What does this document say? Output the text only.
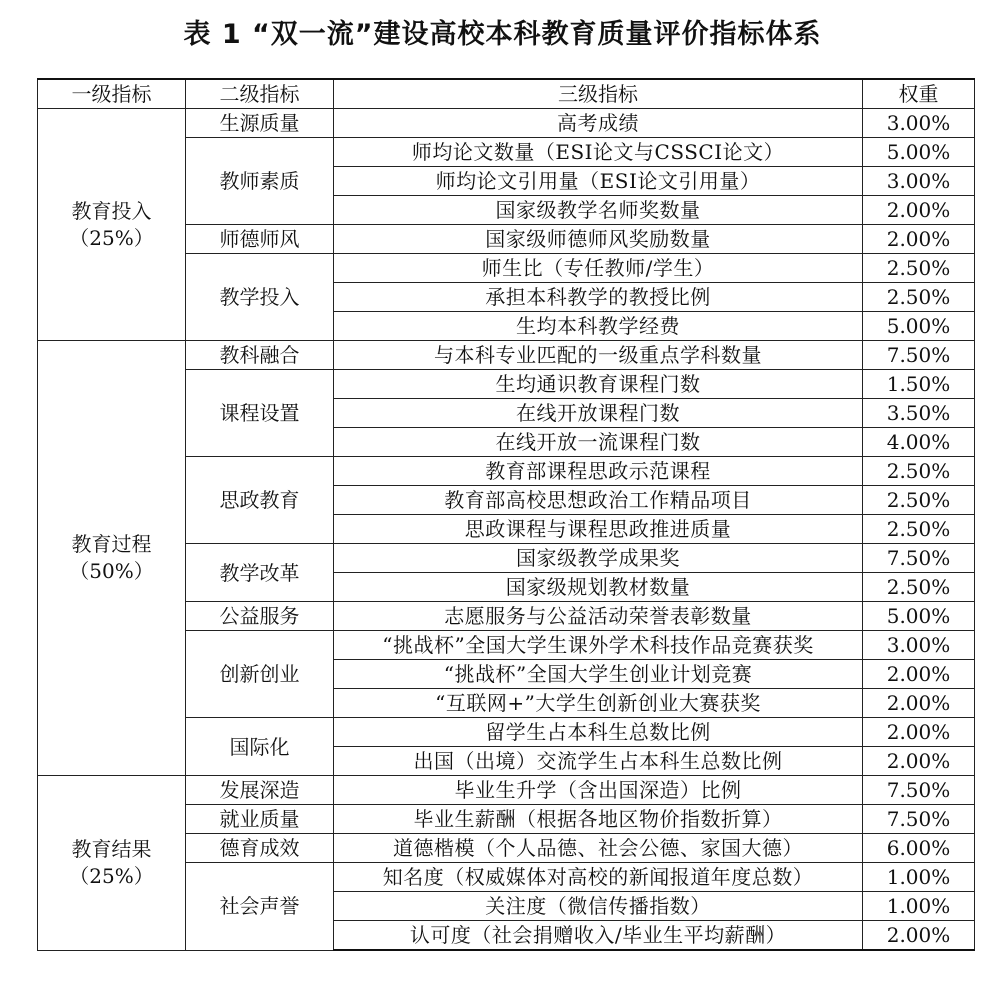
表 1 “双一流”建设高校本科教育质量评价指标体系
一级指标	二级指标	三级指标	权重

教育投入
（25%）	生源质量	高考成绩	3.00%
	教师素质	师均论文数量（ESI论文与CSSCI论文）	5.00%
		师均论文引用量（ESI论文引用量）	3.00%
		国家级教学名师奖数量	2.00%
	师德师风	国家级师德师风奖励数量	2.00%
	教学投入	师生比（专任教师/学生）	2.50%
		承担本科教学的教授比例	2.50%
		生均本科教学经费	5.00%

教育过程
（50%）	教科融合	与本科专业匹配的一级重点学科数量	7.50%
	课程设置	生均通识教育课程门数	1.50%
		在线开放课程门数	3.50%
		在线开放一流课程门数	4.00%
	思政教育	教育部课程思政示范课程	2.50%
		教育部高校思想政治工作精品项目	2.50%
		思政课程与课程思政推进质量	2.50%
	教学改革	国家级教学成果奖	7.50%
		国家级规划教材数量	2.50%
	公益服务	志愿服务与公益活动荣誉表彰数量	5.00%
	创新创业	“挑战杯”全国大学生课外学术科技作品竞赛获奖	3.00%
		“挑战杯”全国大学生创业计划竞赛	2.00%
		“互联网+”大学生创新创业大赛获奖	2.00%
	国际化	留学生占本科生总数比例	2.00%
		出国（出境）交流学生占本科生总数比例	2.00%

教育结果
（25%）	发展深造	毕业生升学（含出国深造）比例	7.50%
	就业质量	毕业生薪酬（根据各地区物价指数折算）	7.50%
	德育成效	道德楷模（个人品德、社会公德、家国大德）	6.00%
	社会声誉	知名度（权威媒体对高校的新闻报道年度总数）	1.00%
		关注度（微信传播指数）	1.00%
		认可度（社会捐赠收入/毕业生平均薪酬）	2.00%
